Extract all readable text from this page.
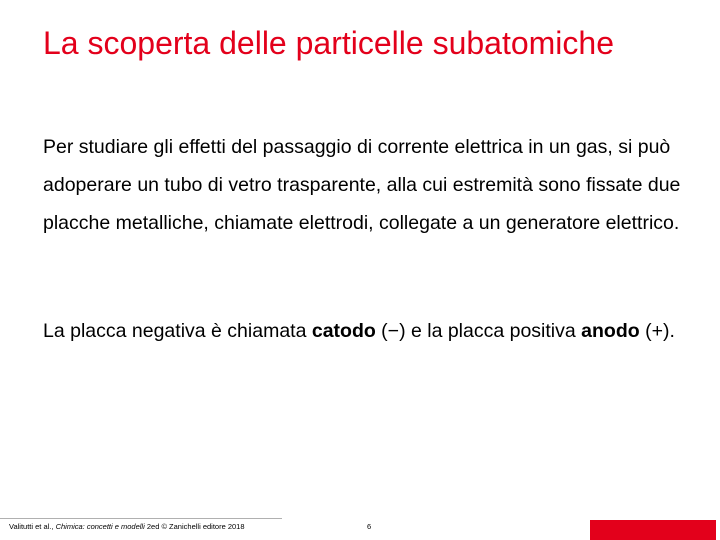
La scoperta delle particelle subatomiche

Per studiare gli effetti del passaggio di corrente elettrica in un gas, si può adoperare un tubo di vetro trasparente, alla cui estremità sono fissate due placche metalliche, chiamate elettrodi, collegate a un generatore elettrico.

La placca negativa è chiamata catodo (−) e la placca positiva anodo (+).

Valitutti et al., Chimica: concetti e modelli 2ed © Zanichelli editore 2018	6
